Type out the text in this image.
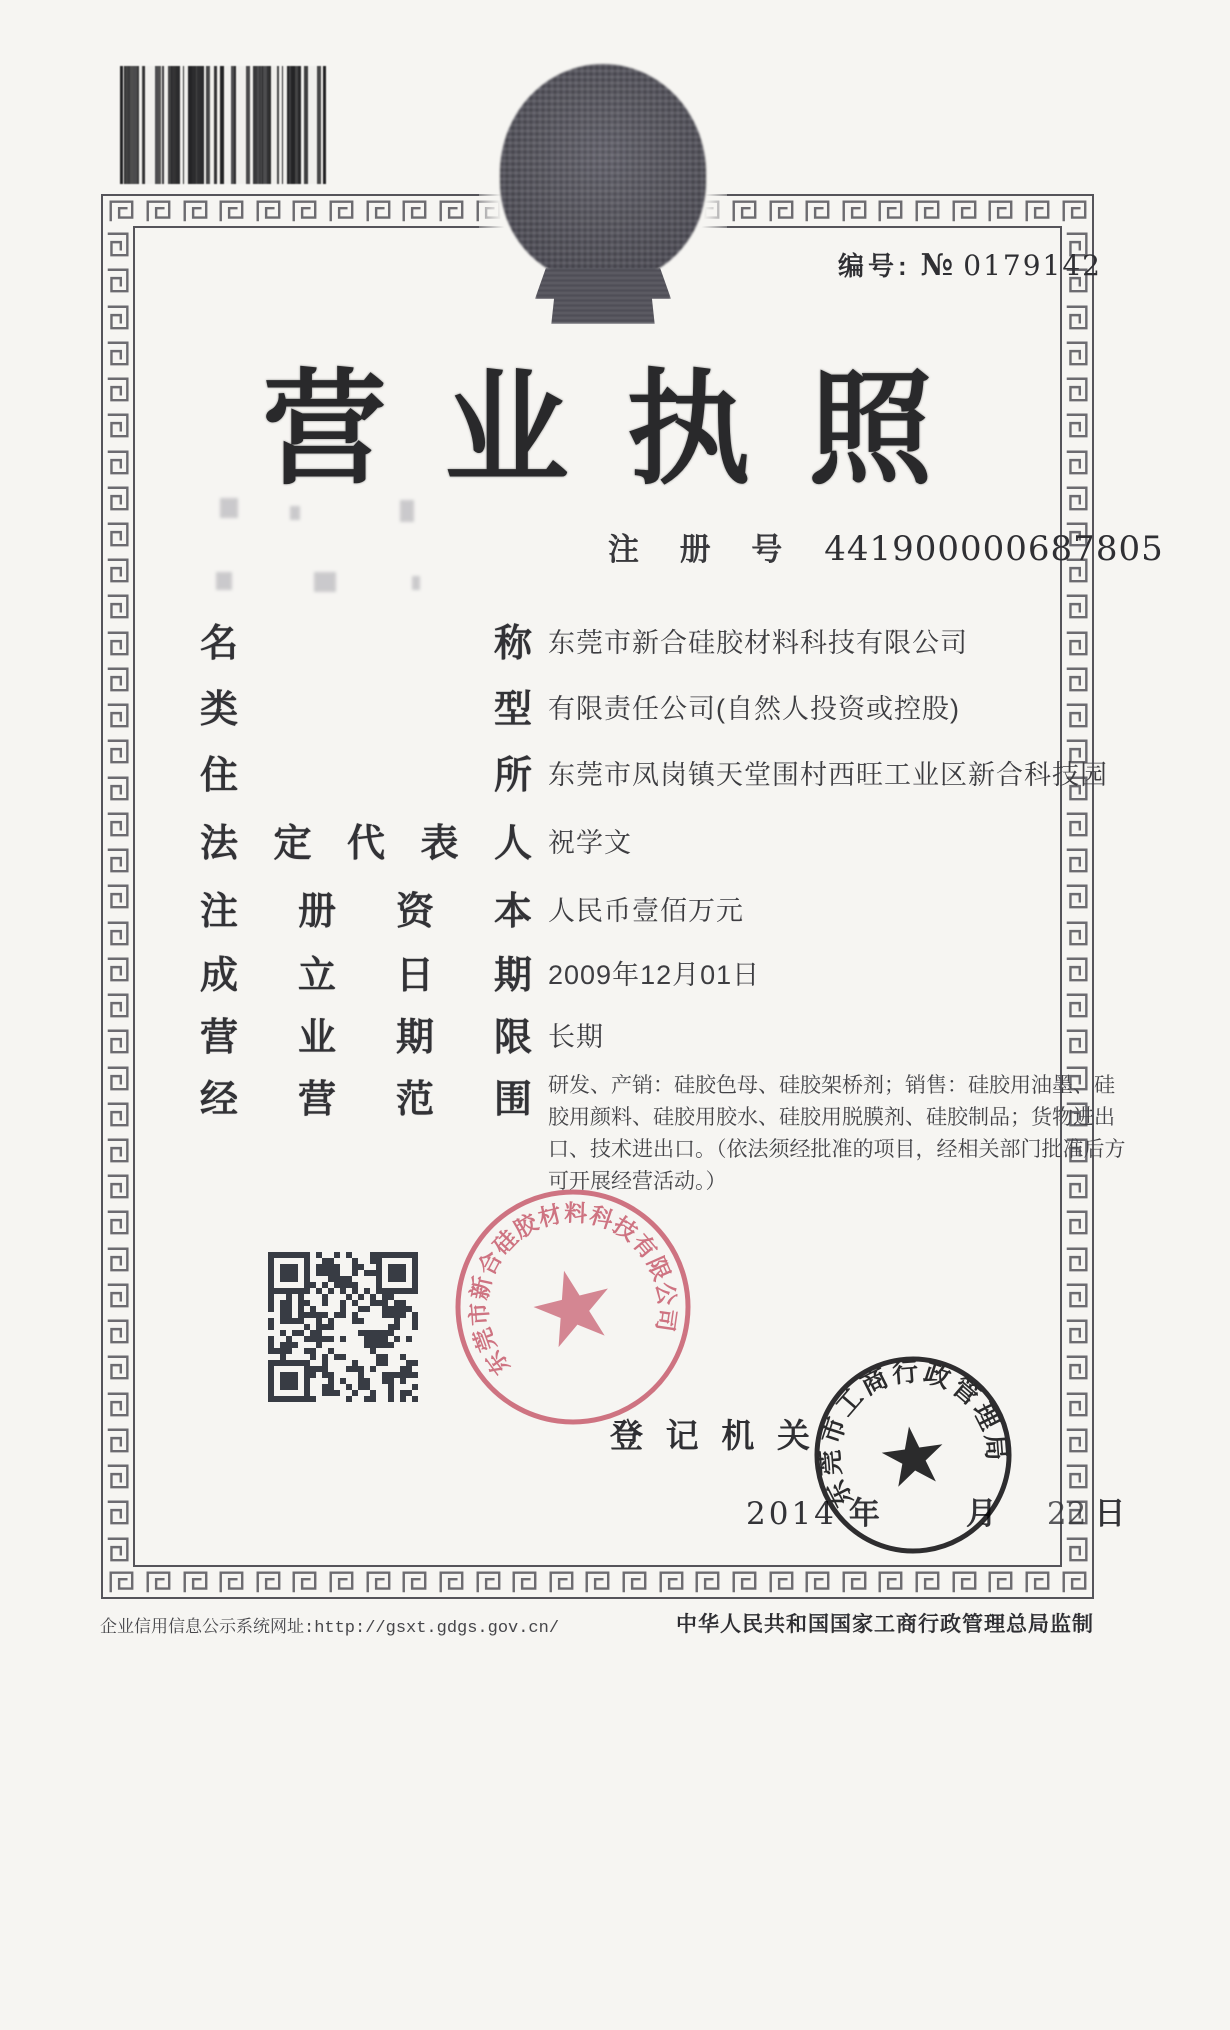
编号: № 0179142
营业执照
注 册 号 441900000687805
名	称 东莞市新合硅胶材料科技有限公司
类	型 有限责任公司(自然人投资或控股)
住	所 东莞市凤岗镇天堂围村西旺工业区新合科技园
法 定 代 表 人 祝学文
注 册 资 本 人民币壹佰万元
成 立 日 期 2009年12月01日
营 业 期 限 长期
经 营 范 围 研发、产销：硅胶色母、硅胶架桥剂；销售：硅胶用油墨、硅胶用颜料、硅胶用胶水、硅胶用脱膜剂、硅胶制品；货物进出口、技术进出口。（依法须经批准的项目，经相关部门批准后方可开展经营活动。）
东莞市新合硅胶材料科技有限公司
★
登 记 机 关
2014 年	月 22 日
东莞市工商行政管理局
★
企业信用信息公示系统网址:http://gsxt.gdgs.gov.cn/	中华人民共和国国家工商行政管理总局监制
